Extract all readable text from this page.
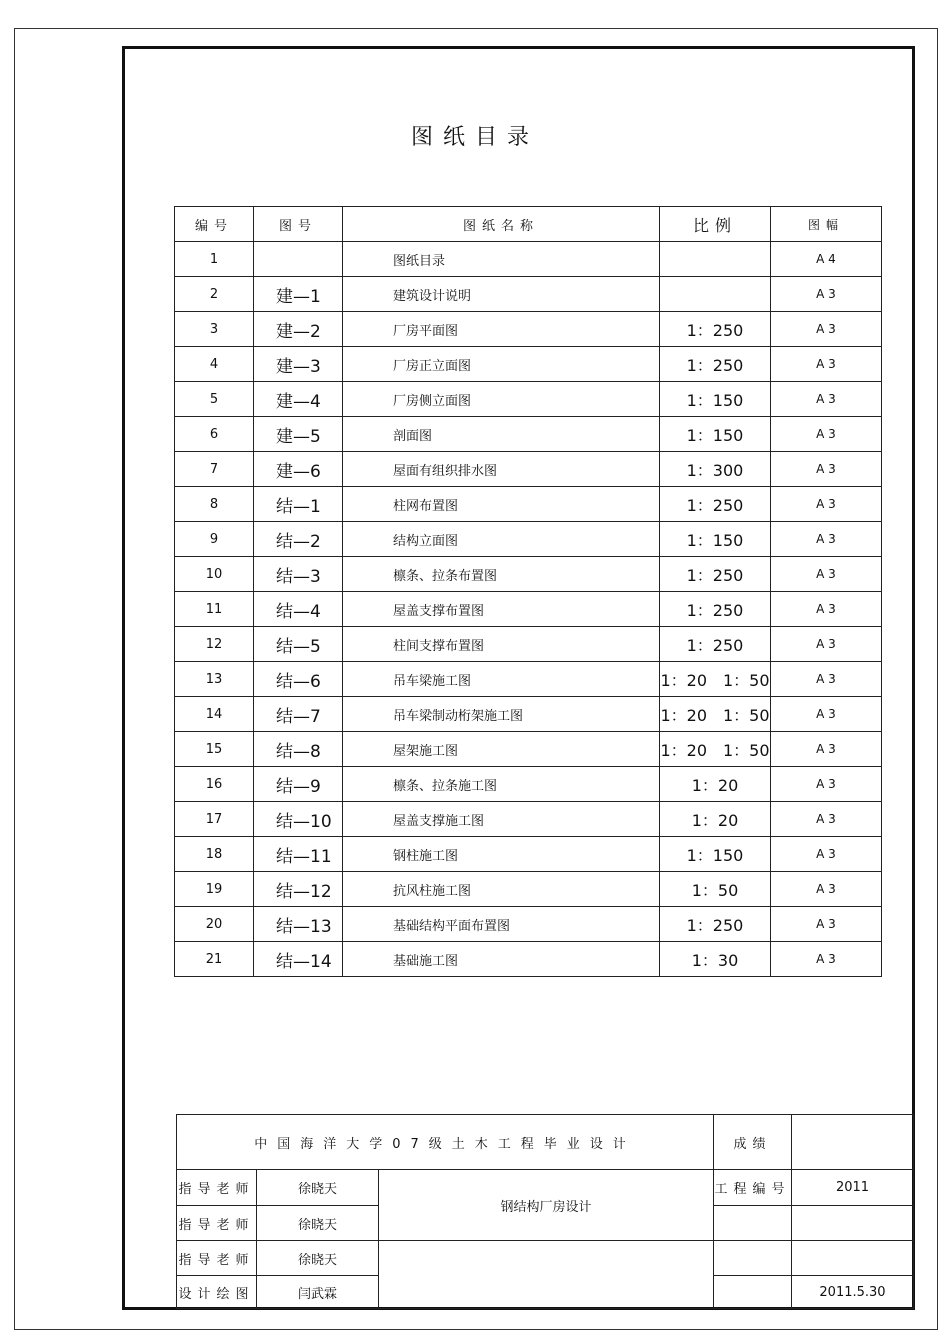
图纸目录
编号	图号	图纸名称	比例	图幅
1		图纸目录		A 4
2	建—1	建筑设计说明		A 3
3	建—2	厂房平面图	1：250	A 3
4	建—3	厂房正立面图	1：250	A 3
5	建—4	厂房侧立面图	1：150	A 3
6	建—5	剖面图	1：150	A 3
7	建—6	屋面有组织排水图	1：300	A 3
8	结—1	柱网布置图	1：250	A 3
9	结—2	结构立面图	1：150	A 3
10	结—3	檩条、拉条布置图	1：250	A 3
11	结—4	屋盖支撑布置图	1：250	A 3
12	结—5	柱间支撑布置图	1：250	A 3
13	结—6	吊车梁施工图	1：20　1：50	A 3
14	结—7	吊车梁制动桁架施工图	1：20　1：50	A 3
15	结—8	屋架施工图	1：20　1：50	A 3
16	结—9	檩条、拉条施工图	1：20	A 3
17	结—10	屋盖支撑施工图	1：20	A 3
18	结—11	钢柱施工图	1：150	A 3
19	结—12	抗风柱施工图	1：50	A 3
20	结—13	基础结构平面布置图	1：250	A 3
21	结—14	基础施工图	1：30	A 3
中国海洋大学07级土木工程毕业设计			成绩	
指导老师	徐晓天	钢结构厂房设计	工程编号	2011
指导老师	徐晓天			
指导老师	徐晓天			
设计绘图	闫武霖			2011.5.30
